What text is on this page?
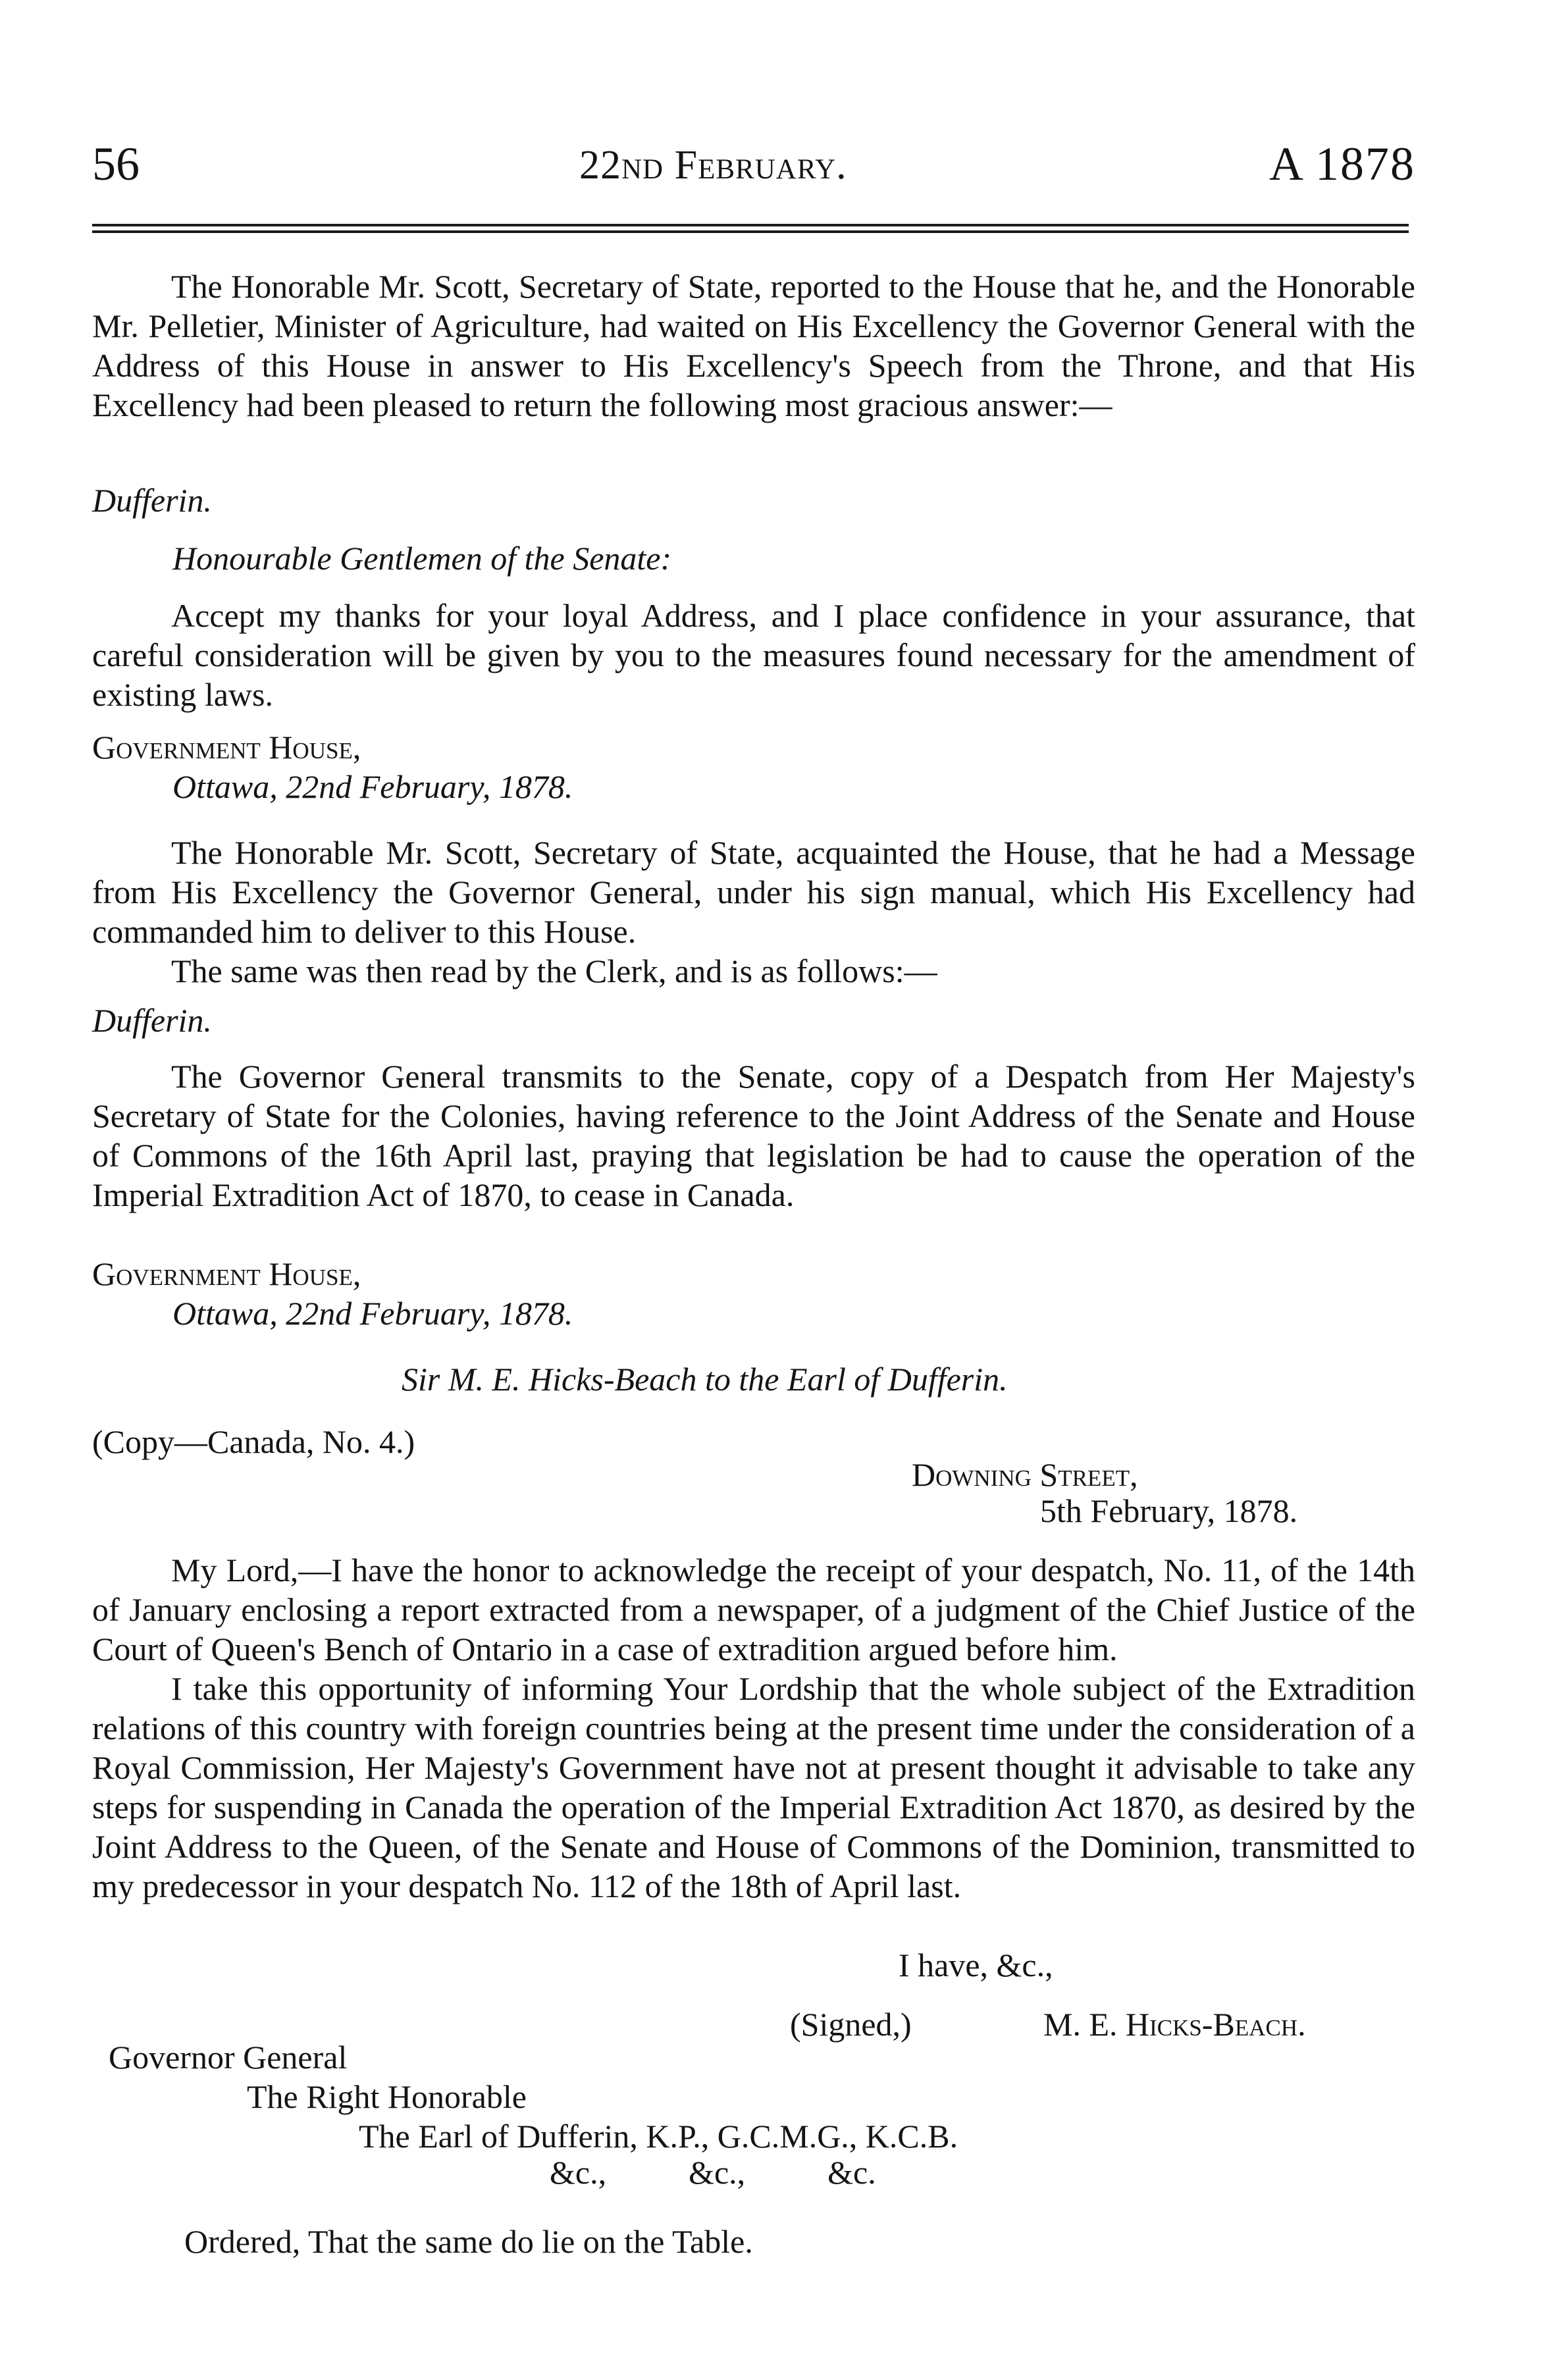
56	22nd February.	A 1878

The Honorable Mr. Scott, Secretary of State, reported to the House that he, and the Honorable Mr. Pelletier, Minister of Agriculture, had waited on His Excellency the Governor General with the Address of this House in answer to His Excellency's Speech from the Throne, and that His Excellency had been pleased to return the following most gracious answer:—

Dufferin.
Honourable Gentlemen of the Senate:

Accept my thanks for your loyal Address, and I place confidence in your assurance, that careful consideration will be given by you to the measures found necessary for the amendment of existing laws.

Government House,
Ottawa, 22nd February, 1878.

The Honorable Mr. Scott, Secretary of State, acquainted the House, that he had a Message from His Excellency the Governor General, under his sign manual, which His Excellency had commanded him to deliver to this House.

The same was then read by the Clerk, and is as follows:—

Dufferin.

The Governor General transmits to the Senate, copy of a Despatch from Her Majesty's Secretary of State for the Colonies, having reference to the Joint Address of the Senate and House of Commons of the 16th April last, praying that legislation be had to cause the operation of the Imperial Extradition Act of 1870, to cease in Canada.

Government House,
Ottawa, 22nd February, 1878.
Sir M. E. Hicks-Beach to the Earl of Dufferin.
(Copy—Canada, No. 4.)
Downing Street,
5th February, 1878.

My Lord,—I have the honor to acknowledge the receipt of your despatch, No. 11, of the 14th of January enclosing a report extracted from a newspaper, of a judgment of the Chief Justice of the Court of Queen's Bench of Ontario in a case of extradition argued before him.

I take this opportunity of informing Your Lordship that the whole subject of the Extradition relations of this country with foreign countries being at the present time under the consideration of a Royal Commission, Her Majesty's Government have not at present thought it advisable to take any steps for suspending in Canada the operation of the Imperial Extradition Act 1870, as desired by the Joint Address to the Queen, of the Senate and House of Commons of the Dominion, transmitted to my predecessor in your despatch No. 112 of the 18th of April last.

I have, &c.,
(Signed,)	M. E. Hicks-Beach.
Governor General
The Right Honorable
The Earl of Dufferin, K.P., G.C.M.G., K.C.B.
&c.,          &c.,          &c.
Ordered, That the same do lie on the Table.
